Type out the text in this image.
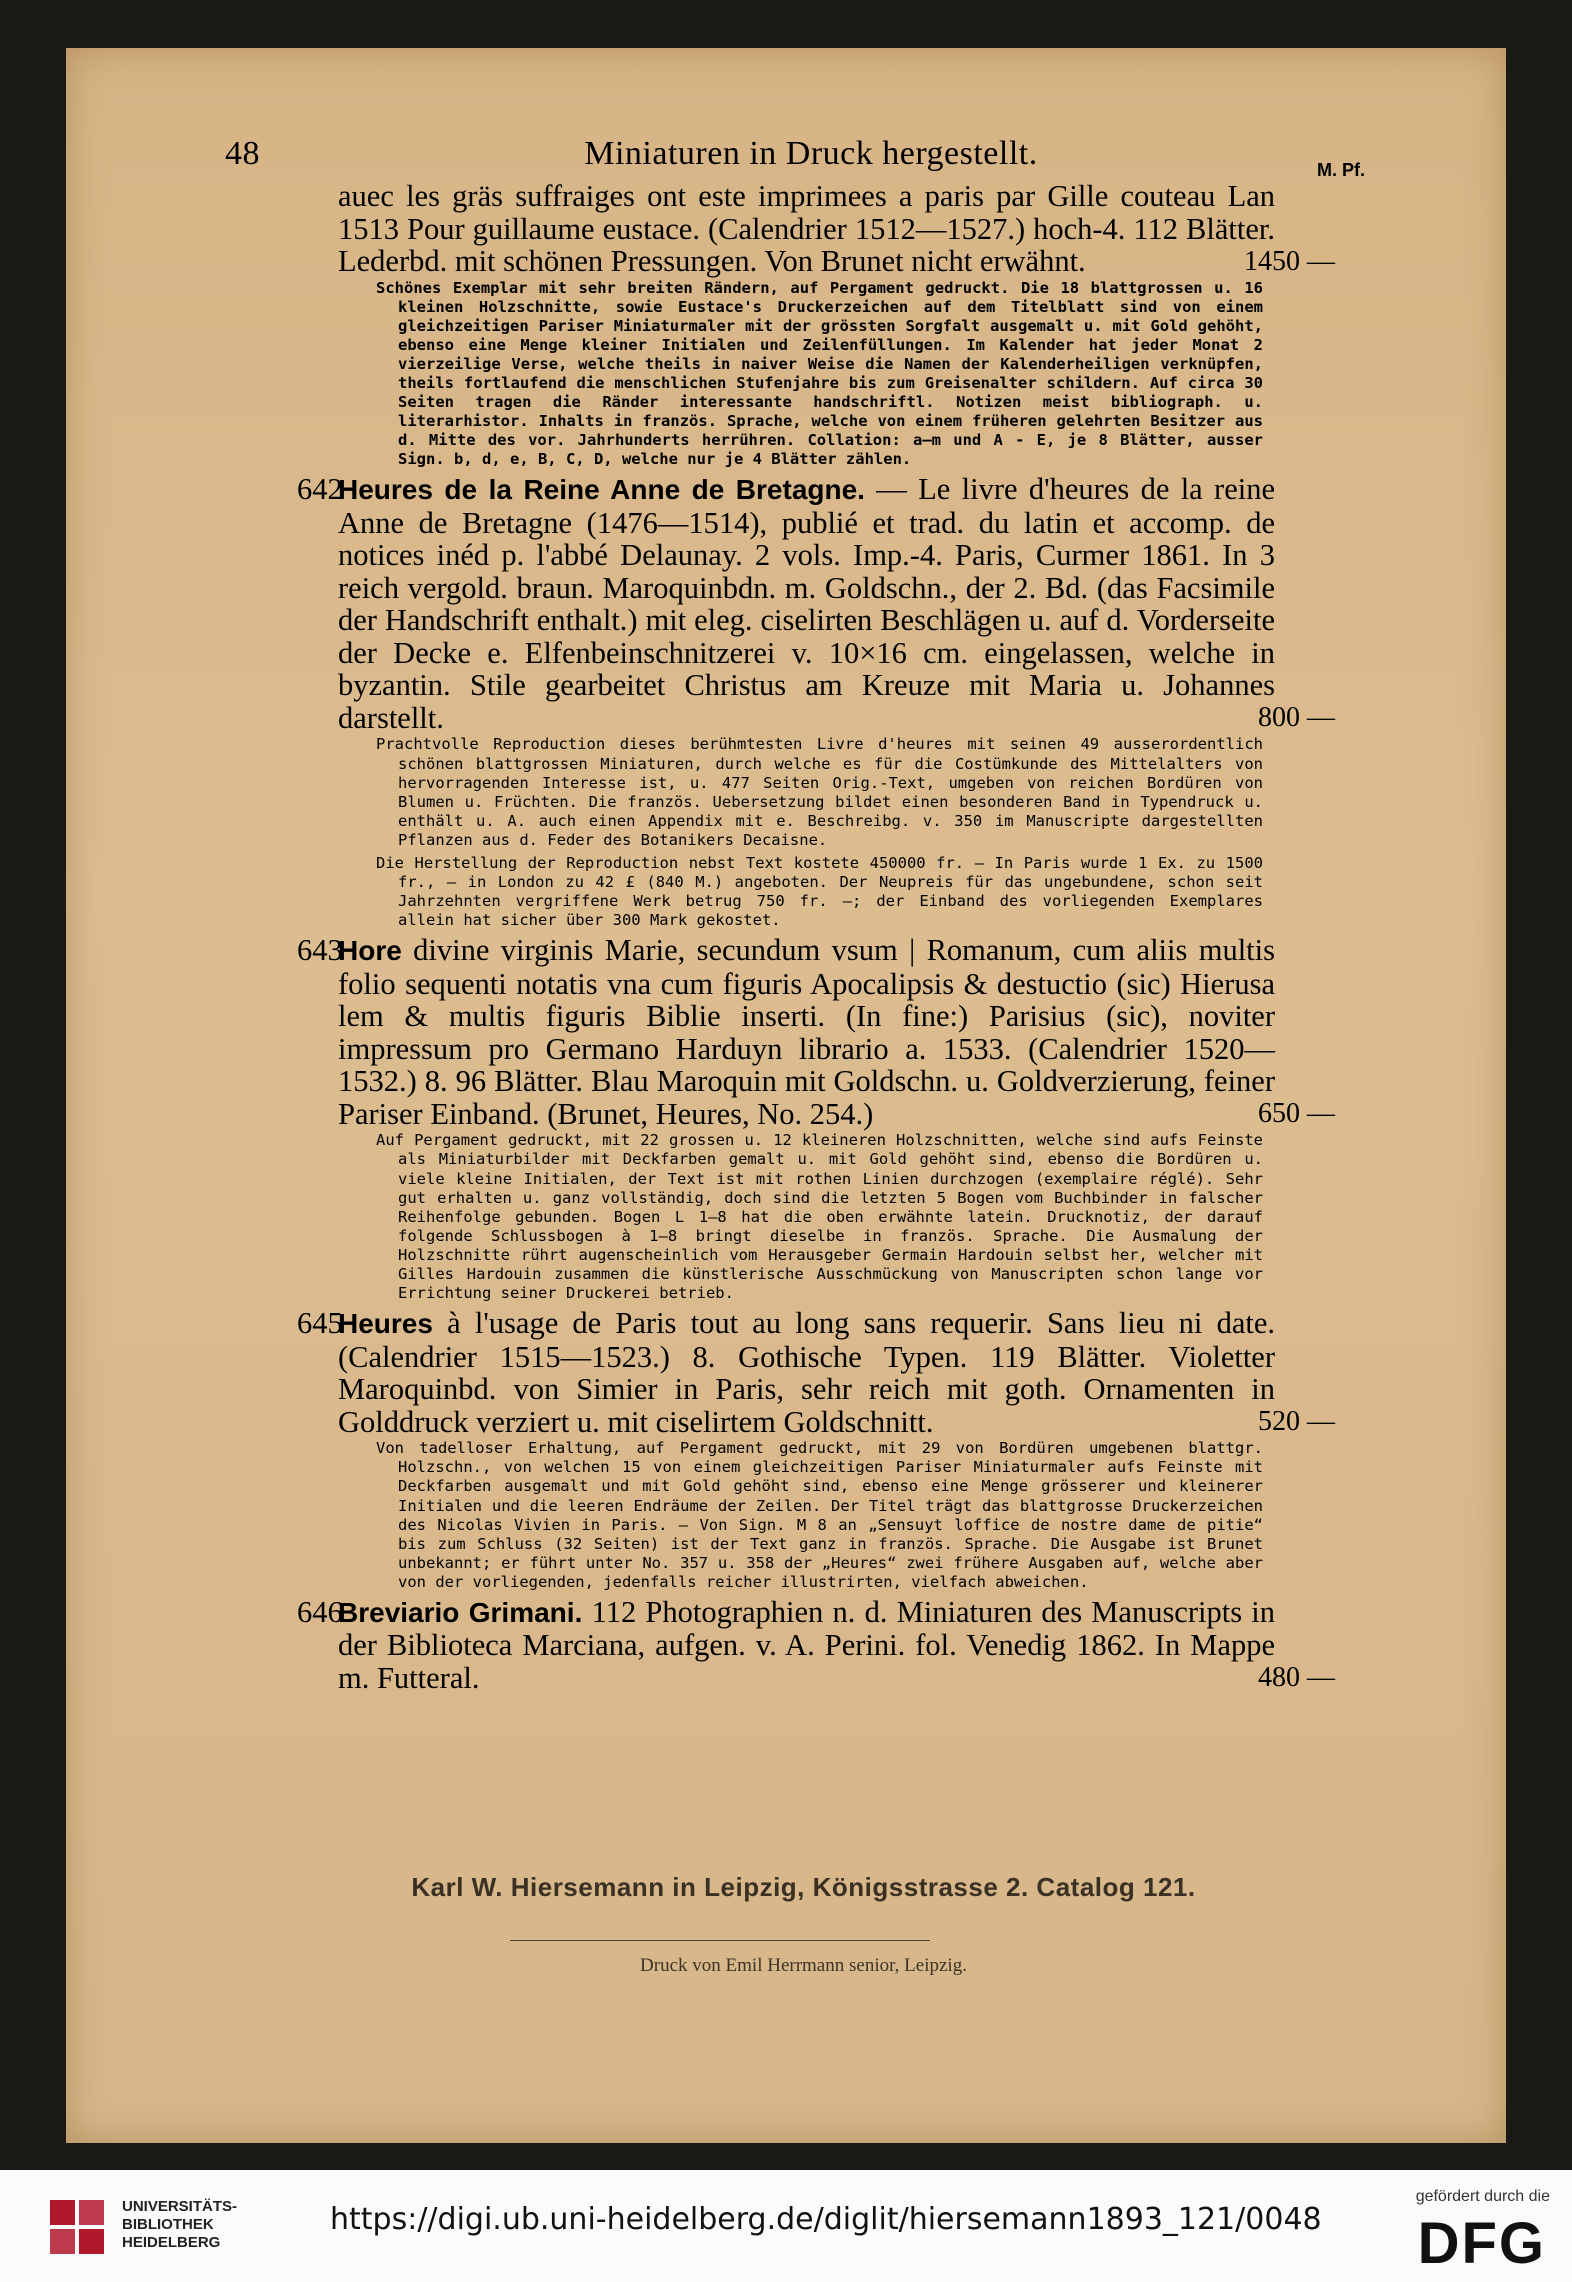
48	Miniaturen in Druck hergestellt.	M. Pf.

auec les gräs suffraiges ont este imprimees a paris par Gille couteau Lan 1513 Pour guillaume eustace. (Calendrier 1512—1527.) hoch-4. 112 Blätter. Lederbd. mit schönen Pressungen. Von Brunet nicht erwähnt.	1450 —

Schönes Exemplar mit sehr breiten Rändern, auf Pergament gedruckt. Die 18 blattgrossen u. 16 kleinen Holzschnitte, sowie Eustace's Druckerzeichen auf dem Titelblatt sind von einem gleichzeitigen Pariser Miniaturmaler mit der grössten Sorgfalt ausgemalt u. mit Gold gehöht, ebenso eine Menge kleiner Initialen und Zeilenfüllungen. Im Kalender hat jeder Monat 2 vierzeilige Verse, welche theils in naiver Weise die Namen der Kalenderheiligen verknüpfen, theils fortlaufend die menschlichen Stufenjahre bis zum Greisenalter schildern. Auf circa 30 Seiten tragen die Ränder interessante handschriftl. Notizen meist bibliograph. u. literarhistor. Inhalts in französ. Sprache, welche von einem früheren gelehrten Besitzer aus d. Mitte des vor. Jahrhunderts herrühren. Collation: a—m und A - E, je 8 Blätter, ausser Sign. b, d, e, B, C, D, welche nur je 4 Blätter zählen.

642
Heures de la Reine Anne de Bretagne. — Le livre d'heures de la reine Anne de Bretagne (1476—1514), publié et trad. du latin et accomp. de notices inéd p. l'abbé Delaunay. 2 vols. Imp.-4. Paris, Curmer 1861. In 3 reich vergold. braun. Maroquinbdn. m. Goldschn., der 2. Bd. (das Facsimile der Handschrift enthalt.) mit eleg. ciselirten Beschlägen u. auf d. Vorderseite der Decke e. Elfenbeinschnitzerei v. 10×16 cm. eingelassen, welche in byzantin. Stile gearbeitet Christus am Kreuze mit Maria u. Johannes darstellt.	800 —

Prachtvolle Reproduction dieses berühmtesten Livre d'heures mit seinen 49 ausserordentlich schönen blattgrossen Miniaturen, durch welche es für die Costümkunde des Mittelalters von hervorragenden Interesse ist, u. 477 Seiten Orig.-Text, umgeben von reichen Bordüren von Blumen u. Früchten. Die französ. Uebersetzung bildet einen besonderen Band in Typendruck u. enthält u. A. auch einen Appendix mit e. Beschreibg. v. 350 im Manuscripte dargestellten Pflanzen aus d. Feder des Botanikers Decaisne.

Die Herstellung der Reproduction nebst Text kostete 450000 fr. — In Paris wurde 1 Ex. zu 1500 fr., — in London zu 42 £ (840 M.) angeboten. Der Neupreis für das ungebundene, schon seit Jahrzehnten vergriffene Werk betrug 750 fr. —; der Einband des vorliegenden Exemplares allein hat sicher über 300 Mark gekostet.

643
Hore divine virginis Marie, secundum vsum | Romanum, cum aliis multis folio sequenti notatis vna cum figuris Apocalipsis & destuctio (sic) Hierusa lem & multis figuris Biblie inserti. (In fine:) Parisius (sic), noviter impressum pro Germano Harduyn librario a. 1533. (Calendrier 1520—1532.) 8. 96 Blätter. Blau Maroquin mit Goldschn. u. Goldverzierung, feiner Pariser Einband. (Brunet, Heures, No. 254.)	650 —

Auf Pergament gedruckt, mit 22 grossen u. 12 kleineren Holzschnitten, welche sind aufs Feinste als Miniaturbilder mit Deckfarben gemalt u. mit Gold gehöht sind, ebenso die Bordüren u. viele kleine Initialen, der Text ist mit rothen Linien durchzogen (exemplaire réglé). Sehr gut erhalten u. ganz vollständig, doch sind die letzten 5 Bogen vom Buchbinder in falscher Reihenfolge gebunden. Bogen L 1—8 hat die oben erwähnte latein. Drucknotiz, der darauf folgende Schlussbogen à 1—8 bringt dieselbe in französ. Sprache. Die Ausmalung der Holzschnitte rührt augenscheinlich vom Herausgeber Germain Hardouin selbst her, welcher mit Gilles Hardouin zusammen die künstlerische Ausschmückung von Manuscripten schon lange vor Errichtung seiner Druckerei betrieb.

645
Heures à l'usage de Paris tout au long sans requerir. Sans lieu ni date. (Calendrier 1515—1523.) 8. Gothische Typen. 119 Blätter. Violetter Maroquinbd. von Simier in Paris, sehr reich mit goth. Ornamenten in Golddruck verziert u. mit ciselirtem Goldschnitt.	520 —

Von tadelloser Erhaltung, auf Pergament gedruckt, mit 29 von Bordüren umgebenen blattgr. Holzschn., von welchen 15 von einem gleichzeitigen Pariser Miniaturmaler aufs Feinste mit Deckfarben ausgemalt und mit Gold gehöht sind, ebenso eine Menge grösserer und kleinerer Initialen und die leeren Endräume der Zeilen. Der Titel trägt das blattgrosse Druckerzeichen des Nicolas Vivien in Paris. — Von Sign. M 8 an „Sensuyt loffice de nostre dame de pitie“ bis zum Schluss (32 Seiten) ist der Text ganz in französ. Sprache. Die Ausgabe ist Brunet unbekannt; er führt unter No. 357 u. 358 der „Heures“ zwei frühere Ausgaben auf, welche aber von der vorliegenden, jedenfalls reicher illustrirten, vielfach abweichen.

646
Breviario Grimani. 112 Photographien n. d. Miniaturen des Manuscripts in der Biblioteca Marciana, aufgen. v. A. Perini. fol. Venedig 1862. In Mappe m. Futteral.	480 —
Karl W. Hiersemann in Leipzig, Königsstrasse 2. Catalog 121.
Druck von Emil Herrmann senior, Leipzig.
UNIVERSITÄTS-
BIBLIOTHEK
HEIDELBERG
https://digi.ub.uni-heidelberg.de/diglit/hiersemann1893_121/0048
gefördert durch die
DFG
